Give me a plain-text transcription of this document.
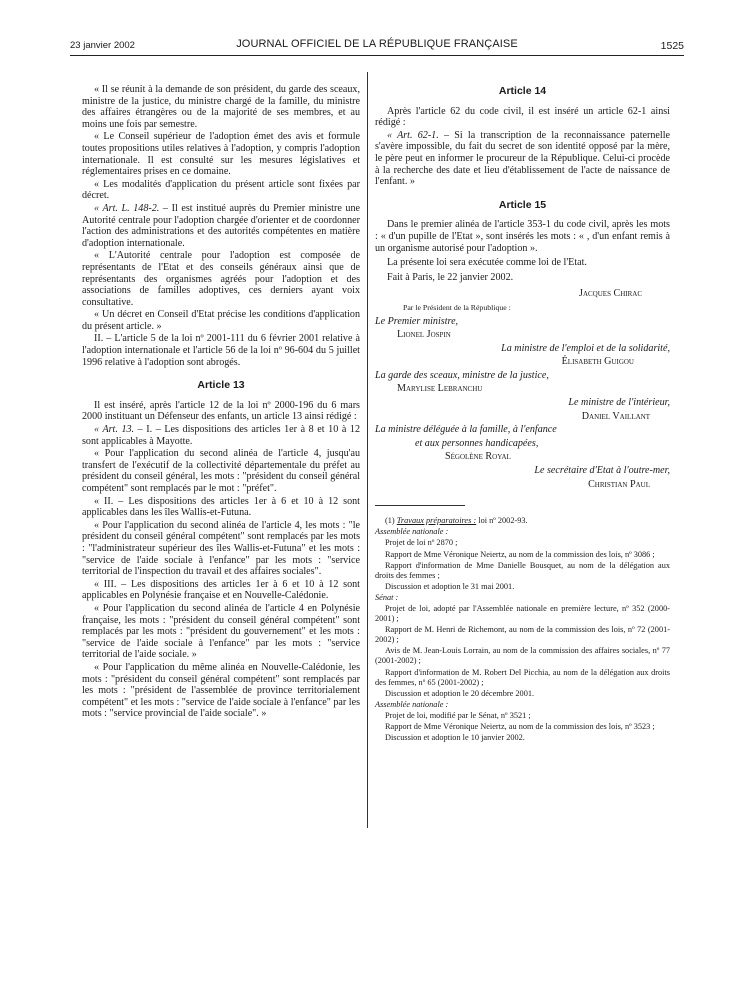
23 janvier 2002	JOURNAL OFFICIEL DE LA RÉPUBLIQUE FRANÇAISE	1525

« Il se réunit à la demande de son président, du garde des sceaux, ministre de la justice, du ministre chargé de la famille, du ministre des affaires étrangères ou de la majorité de ses membres, et au moins une fois par semestre.

« Le Conseil supérieur de l'adoption émet des avis et formule toutes propositions utiles relatives à l'adoption, y compris l'adoption internationale. Il est consulté sur les mesures législatives et réglementaires prises en ce domaine.

« Les modalités d'application du présent article sont fixées par décret.

« Art. L. 148-2. – Il est institué auprès du Premier ministre une Autorité centrale pour l'adoption chargée d'orienter et de coordonner l'action des administrations et des autorités compétentes en matière d'adoption internationale.

« L'Autorité centrale pour l'adoption est composée de représentants de l'Etat et des conseils généraux ainsi que de représentants des organismes agréés pour l'adoption et des associations de familles adoptives, ces derniers ayant voix consultative.

« Un décret en Conseil d'Etat précise les conditions d'application du présent article. »

II. – L'article 5 de la loi nº 2001-111 du 6 février 2001 relative à l'adoption internationale et l'article 56 de la loi nº 96-604 du 5 juillet 1996 relative à l'adoption sont abrogés.

Article 13

Il est inséré, après l'article 12 de la loi nº 2000-196 du 6 mars 2000 instituant un Défenseur des enfants, un article 13 ainsi rédigé :

« Art. 13. – I. – Les dispositions des articles 1er à 8 et 10 à 12 sont applicables à Mayotte.

« Pour l'application du second alinéa de l'article 4, jusqu'au transfert de l'exécutif de la collectivité départementale du préfet au président du conseil général, les mots : "président du conseil général compétent" sont remplacés par le mot : "préfet".

« II. – Les dispositions des articles 1er à 6 et 10 à 12 sont applicables dans les îles Wallis-et-Futuna.

« Pour l'application du second alinéa de l'article 4, les mots : "le président du conseil général compétent" sont remplacés par les mots : "l'administrateur supérieur des îles Wallis-et-Futuna" et les mots : "service de l'aide sociale à l'enfance" par les mots : "service territorial de l'inspection du travail et des affaires sociales".

« III. – Les dispositions des articles 1er à 6 et 10 à 12 sont applicables en Polynésie française et en Nouvelle-Calédonie.

« Pour l'application du second alinéa de l'article 4 en Polynésie française, les mots : "président du conseil général compétent" sont remplacés par les mots : "président du gouvernement" et les mots : "service de l'aide sociale à l'enfance" par les mots : "service territorial de l'aide sociale. »

« Pour l'application du même alinéa en Nouvelle-Calédonie, les mots : "président du conseil général compétent" sont remplacés par les mots : "président de l'assemblée de province territorialement compétent" et les mots : "service de l'aide sociale à l'enfance" par les mots : "service provincial de l'aide sociale". »

Article 14

Après l'article 62 du code civil, il est inséré un article 62-1 ainsi rédigé :

« Art. 62-1. – Si la transcription de la reconnaissance paternelle s'avère impossible, du fait du secret de son identité opposé par la mère, le père peut en informer le procureur de la République. Celui-ci procède à la recherche des date et lieu d'établissement de l'acte de naissance de l'enfant. »

Article 15

Dans le premier alinéa de l'article 353-1 du code civil, après les mots : « d'un pupille de l'Etat », sont insérés les mots : « , d'un enfant remis à un organisme autorisé pour l'adoption ».

La présente loi sera exécutée comme loi de l'Etat.

Fait à Paris, le 22 janvier 2002.

Jacques Chirac
Par le Président de la République :
Le Premier ministre,
Lionel Jospin
La ministre de l'emploi et de la solidarité,
Élisabeth Guigou
La garde des sceaux, ministre de la justice,
Marylise Lebranchu
Le ministre de l'intérieur,
Daniel Vaillant
La ministre déléguée à la famille, à l'enfance
et aux personnes handicapées,
Ségolène Royal
Le secrétaire d'Etat à l'outre-mer,
Christian Paul

(1) Travaux préparatoires : loi nº 2002-93.

Assemblée nationale :

Projet de loi nº 2870 ;

Rapport de Mme Véronique Neiertz, au nom de la commission des lois, nº 3086 ;

Rapport d'information de Mme Danielle Bousquet, au nom de la délégation aux droits des femmes ;

Discussion et adoption le 31 mai 2001.

Sénat :

Projet de loi, adopté par l'Assemblée nationale en première lecture, nº 352 (2000-2001) ;

Rapport de M. Henri de Richemont, au nom de la commission des lois, nº 72 (2001-2002) ;

Avis de M. Jean-Louis Lorrain, au nom de la commission des affaires sociales, nº 77 (2001-2002) ;

Rapport d'information de M. Robert Del Picchia, au nom de la délégation aux droits des femmes, nº 65 (2001-2002) ;

Discussion et adoption le 20 décembre 2001.

Assemblée nationale :

Projet de loi, modifié par le Sénat, nº 3521 ;

Rapport de Mme Véronique Neiertz, au nom de la commission des lois, nº 3523 ;

Discussion et adoption le 10 janvier 2002.
